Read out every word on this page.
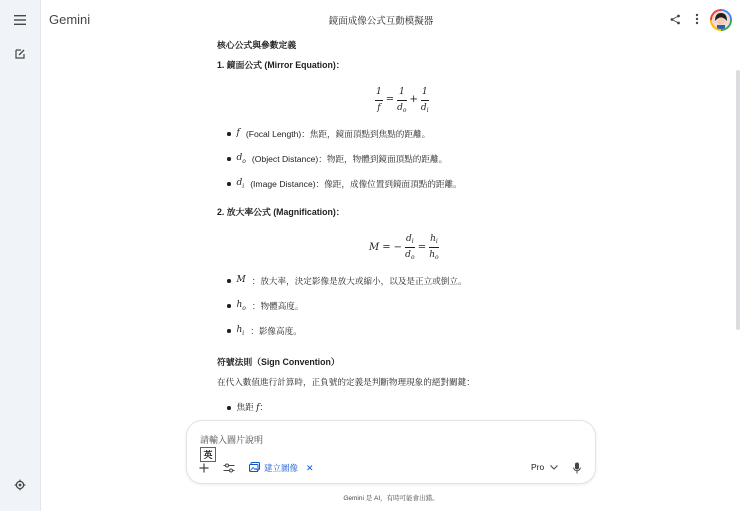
Gemini	鏡面成像公式互動模擬器
核心公式與參數定義
1. 鏡面公式 (Mirror Equation)：
$\frac{1}{f} = \frac{1}{d_o} + \frac{1}{d_i}$
f (Focal Length)：焦距，鏡面頂點到焦點的距離。
$d_o$ (Object Distance)：物距，物體到鏡面頂點的距離。
$d_i$ (Image Distance)：像距，成像位置到鏡面頂點的距離。
2. 放大率公式 (Magnification)：
M = − $\frac{d_i}{d_o} = \frac{h_i}{h_o}$
M ：放大率，決定影像是放大或縮小，以及是正立或倒立。
$h_o$ ：物體高度。
$h_i$ ：影像高度。
符號法則（Sign Convention）
在代入數值進行計算時，正負號的定義是判斷物理現象的絕對關鍵：
焦距 f：
請輸入圖片說明
英
建立圖像 ✕	Pro
Gemini 是 AI，有時可能會出錯。
